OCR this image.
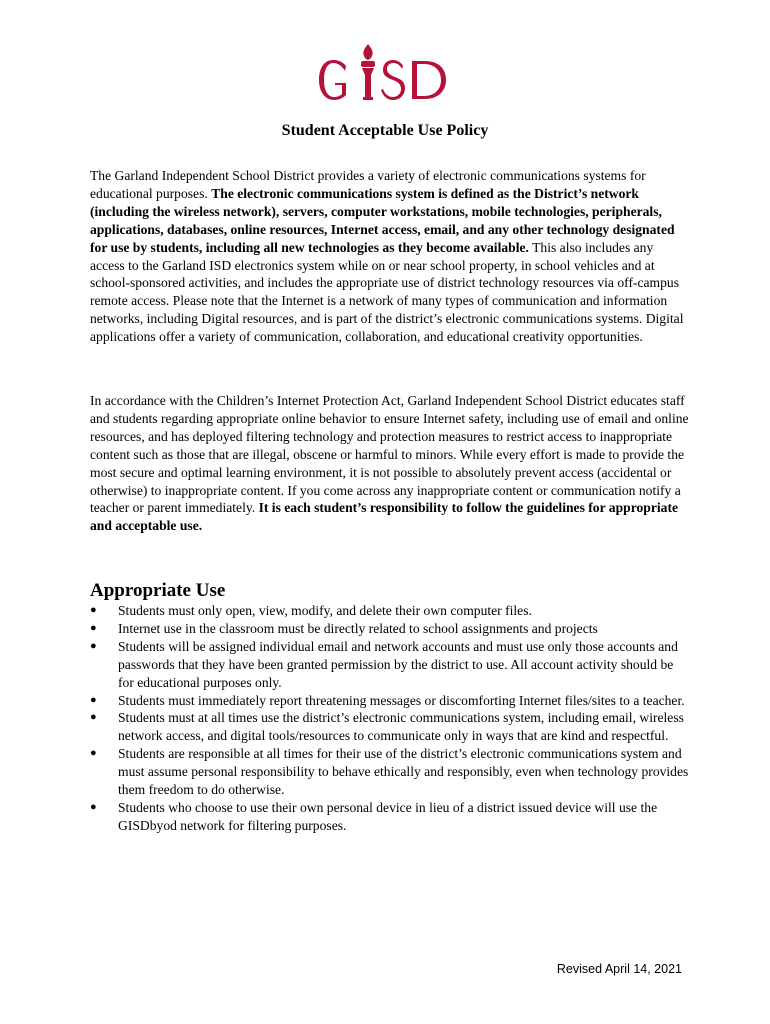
Student Acceptable Use Policy

The Garland Independent School District provides a variety of electronic communications systems for educational purposes. The electronic communications system is defined as the District’s network (including the wireless network), servers, computer workstations, mobile technologies, peripherals, applications, databases, online resources, Internet access, email, and any other technology designated for use by students, including all new technologies as they become available. This also includes any access to the Garland ISD electronics system while on or near school property, in school vehicles and at school-sponsored activities, and includes the appropriate use of district technology resources via off-campus remote access. Please note that the Internet is a network of many types of communication and information networks, including Digital resources, and is part of the district’s electronic communications systems. Digital applications offer a variety of communication, collaboration, and educational creativity opportunities.

In accordance with the Children’s Internet Protection Act, Garland Independent School District educates staff and students regarding appropriate online behavior to ensure Internet safety, including use of email and online resources, and has deployed filtering technology and protection measures to restrict access to inappropriate content such as those that are illegal, obscene or harmful to minors. While every effort is made to provide the most secure and optimal learning environment, it is not possible to absolutely prevent access (accidental or otherwise) to inappropriate content. If you come across any inappropriate content or communication notify a teacher or parent immediately. It is each student’s responsibility to follow the guidelines for appropriate and acceptable use.

Appropriate Use
● Students must only open, view, modify, and delete their own computer files.
● Internet use in the classroom must be directly related to school assignments and projects
● Students will be assigned individual email and network accounts and must use only those accounts and passwords that they have been granted permission by the district to use. All account activity should be for educational purposes only.
● Students must immediately report threatening messages or discomforting Internet files/sites to a teacher.
● Students must at all times use the district’s electronic communications system, including email, wireless network access, and digital tools/resources to communicate only in ways that are kind and respectful.
● Students are responsible at all times for their use of the district’s electronic communications system and must assume personal responsibility to behave ethically and responsibly, even when technology provides them freedom to do otherwise.
● Students who choose to use their own personal device in lieu of a district issued device will use the GISDbyod network for filtering purposes.
Revised April 14, 2021
